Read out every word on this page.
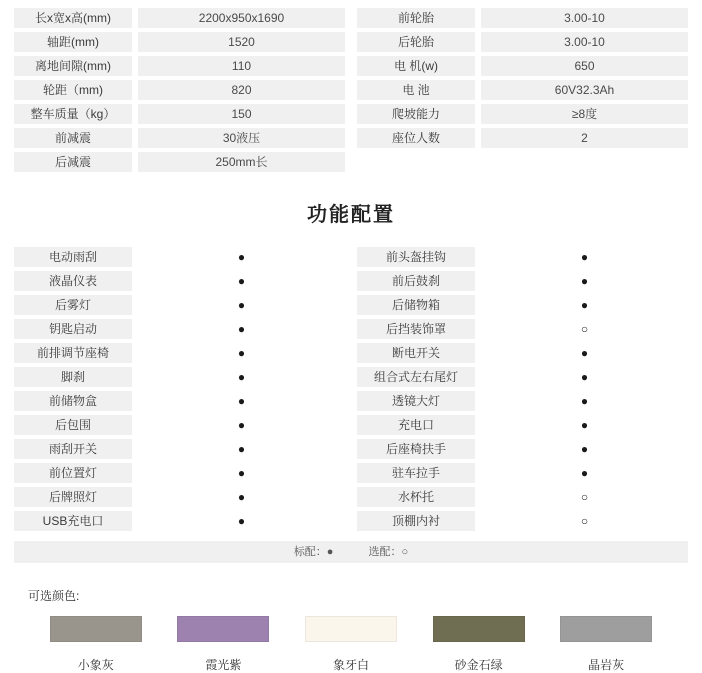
长x宽x高(mm)	2200x950x1690
轴距(mm)	1520
离地间隙(mm)	110
轮距（mm)	820
整车质量（kg）	150
前减震	30液压
后减震	250mm长
前轮胎	3.00-10
后轮胎	3.00-10
电 机(w)	650
电 池	60V32.3Ah
爬坡能力	≥8度
座位人数	2
功能配置
电动雨刮	●
液晶仪表	●
后雾灯	●
钥匙启动	●
前排调节座椅	●
脚刹	●
前储物盒	●
后包围	●
雨刮开关	●
前位置灯	●
后牌照灯	●
USB充电口	●
前头盔挂钩	●
前后鼓刹	●
后储物箱	●
后挡装饰罩	○
断电开关	●
组合式左右尾灯	●
透镜大灯	●
充电口	●
后座椅扶手	●
驻车拉手	●
水杯托	○
顶棚内衬	○
标配：●	选配：○
可选颜色:
小象灰	霞光紫	象牙白	砂金石绿	晶岩灰
